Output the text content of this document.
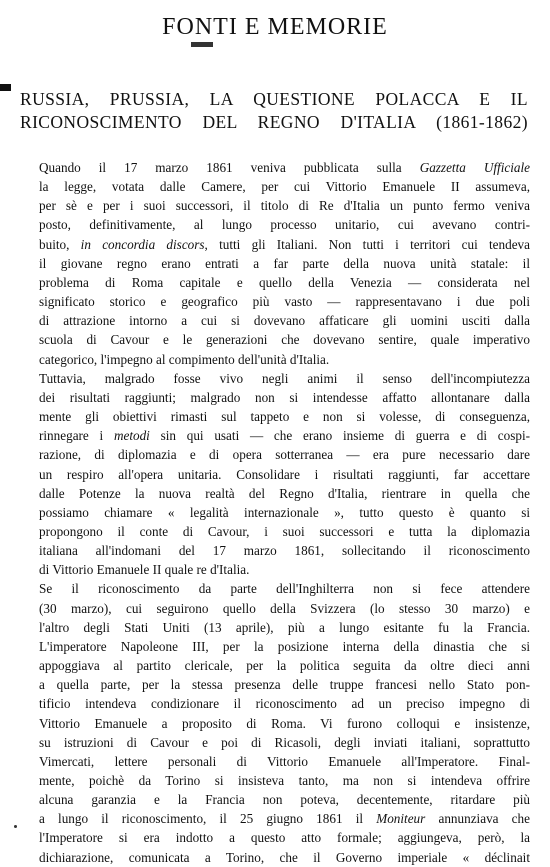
FONTI E MEMORIE
RUSSIA, PRUSSIA, LA QUESTIONE POLACCA E IL
RICONOSCIMENTO DEL REGNO D'ITALIA (1861-1862)
Quando il 17 marzo 1861 veniva pubblicata sulla Gazzetta Ufficiale
la legge, votata dalle Camere, per cui Vittorio Emanuele II assumeva,
per sè e per i suoi successori, il titolo di Re d'Italia un punto fermo veniva
posto, definitivamente, al lungo processo unitario, cui avevano contri-
buito, in concordia discors, tutti gli Italiani. Non tutti i territori cui tendeva
il giovane regno erano entrati a far parte della nuova unità statale: il
problema di Roma capitale e quello della Venezia — considerata nel
significato storico e geografico più vasto — rappresentavano i due poli
di attrazione intorno a cui si dovevano affaticare gli uomini usciti dalla
scuola di Cavour e le generazioni che dovevano sentire, quale imperativo
categorico, l'impegno al compimento dell'unità d'Italia.
Tuttavia, malgrado fosse vivo negli animi il senso dell'incompiutezza
dei risultati raggiunti; malgrado non si intendesse affatto allontanare dalla
mente gli obiettivi rimasti sul tappeto e non si volesse, di conseguenza,
rinnegare i metodi sin qui usati — che erano insieme di guerra e di cospi-
razione, di diplomazia e di opera sotterranea — era pure necessario dare
un respiro all'opera unitaria. Consolidare i risultati raggiunti, far accettare
dalle Potenze la nuova realtà del Regno d'Italia, rientrare in quella che
possiamo chiamare « legalità internazionale », tutto questo è quanto si
propongono il conte di Cavour, i suoi successori e tutta la diplomazia
italiana all'indomani del 17 marzo 1861, sollecitando il riconoscimento
di Vittorio Emanuele II quale re d'Italia.
Se il riconoscimento da parte dell'Inghilterra non si fece attendere
(30 marzo), cui seguirono quello della Svizzera (lo stesso 30 marzo) e
l'altro degli Stati Uniti (13 aprile), più a lungo esitante fu la Francia.
L'imperatore Napoleone III, per la posizione interna della dinastia che si
appoggiava al partito clericale, per la politica seguita da oltre dieci anni
a quella parte, per la stessa presenza delle truppe francesi nello Stato pon-
tificio intendeva condizionare il riconoscimento ad un preciso impegno di
Vittorio Emanuele a proposito di Roma. Vi furono colloqui e insistenze,
su istruzioni di Cavour e poi di Ricasoli, degli inviati italiani, soprattutto
Vimercati, lettere personali di Vittorio Emanuele all'Imperatore. Final-
mente, poichè da Torino si insisteva tanto, ma non si intendeva offrire
alcuna garanzia e la Francia non poteva, decentemente, ritardare più
a lungo il riconoscimento, il 25 giugno 1861 il Moniteur annunziava che
l'Imperatore si era indotto a questo atto formale; aggiungeva, però, la
dichiarazione, comunicata a Torino, che il Governo imperiale « déclinait
